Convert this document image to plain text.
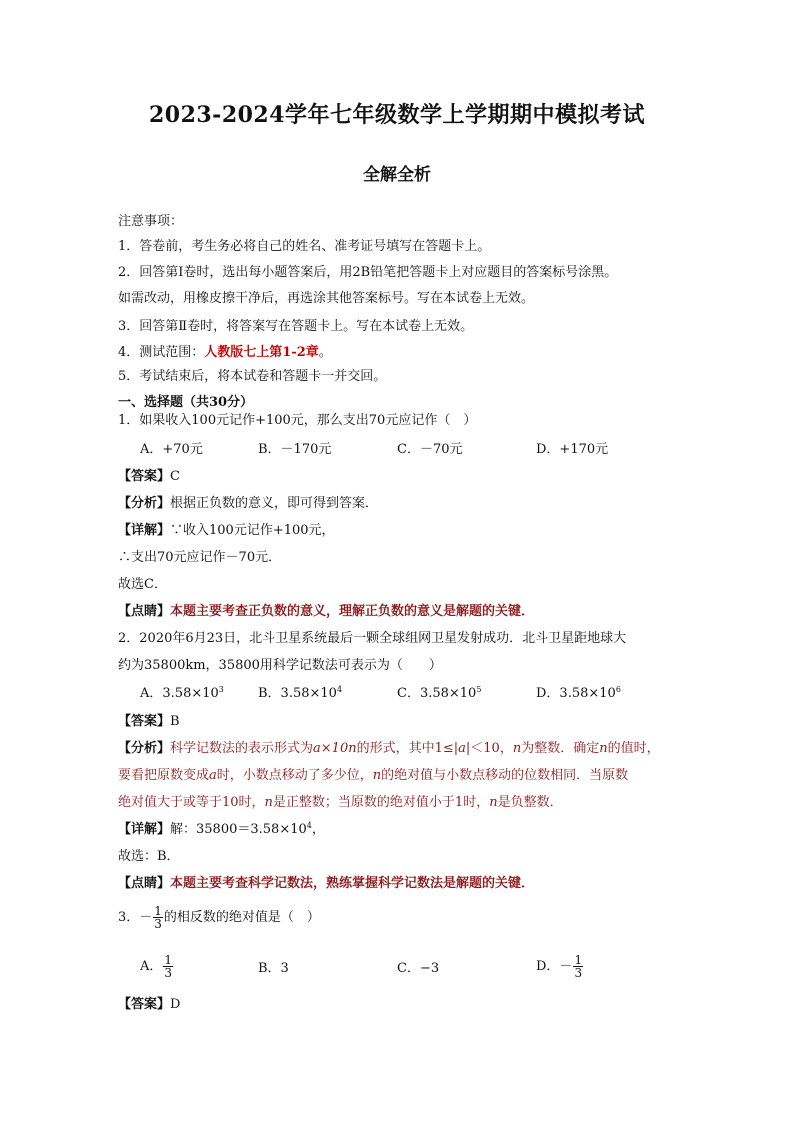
2023-2024学年七年级数学上学期期中模拟考试
全解全析
注意事项：
1．答卷前，考生务必将自己的姓名、准考证号填写在答题卡上。
2．回答第Ⅰ卷时，选出每小题答案后，用2B铅笔把答题卡上对应题目的答案标号涂黑。
如需改动，用橡皮擦干净后，再选涂其他答案标号。写在本试卷上无效。
3．回答第Ⅱ卷时，将答案写在答题卡上。写在本试卷上无效。
4．测试范围：人教版七上第1-2章。
5．考试结束后，将本试卷和答题卡一并交回。
一、选择题（共30分）
1．如果收入100元记作+100元，那么支出70元应记作（　）
A．+70元	B．－170元	C．－70元	D．+170元
【答案】C
【分析】根据正负数的意义，即可得到答案．
【详解】∵收入100元记作+100元，
∴支出70元应记作－70元．
故选C．
【点睛】本题主要考查正负数的意义，理解正负数的意义是解题的关键．
2．2020年6月23日，北斗卫星系统最后一颗全球组网卫星发射成功．北斗卫星距地球大
约为35800km，35800用科学记数法可表示为（　　）
A．$3.58\times 10^3$	B．$3.58\times 10^4$	C．$3.58\times 10^5$	D．$3.58\times 10^6$
【答案】B
【分析】科学记数法的表示形式为a×10n的形式，其中1≤|a|＜10，n为整数．确定n的值时，
要看把原数变成a时，小数点移动了多少位，n的绝对值与小数点移动的位数相同．当原数
绝对值大于或等于10时，n是正整数；当原数的绝对值小于1时，n是负整数．
【详解】解：$35800=3.58\times 10^4$，
故选：B．
【点睛】本题主要考查科学记数法，熟练掌握科学记数法是解题的关键．
3．－ $\frac{1}{3}$ 的相反数的绝对值是（　）
A． $\frac{1}{3}$	B．3	C．−3	D．－ $\frac{1}{3}$
【答案】D
